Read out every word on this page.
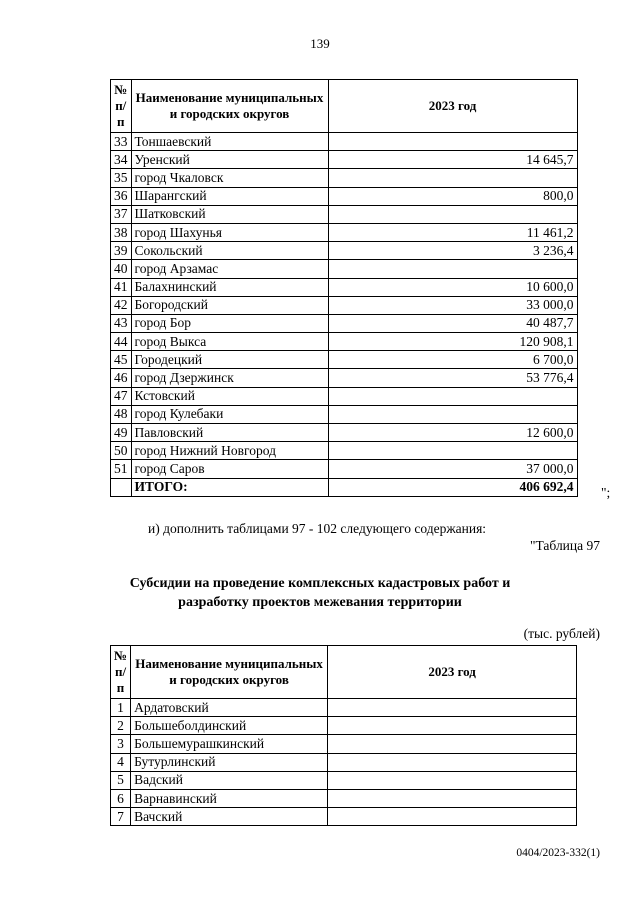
139
№ п/п	Наименование муниципальных и городских округов	2023 год
33	Тоншаевский	
34	Уренский	14 645,7
35	город Чкаловск	
36	Шарангский	800,0
37	Шатковский	
38	город Шахунья	11 461,2
39	Сокольский	3 236,4
40	город Арзамас	
41	Балахнинский	10 600,0
42	Богородский	33 000,0
43	город Бор	40 487,7
44	город Выкса	120 908,1
45	Городецкий	6 700,0
46	город Дзержинск	53 776,4
47	Кстовский	
48	город Кулебаки	
49	Павловский	12 600,0
50	город Нижний Новгород	
51	город Саров	37 000,0
	ИТОГО:	406 692,4 ";
и) дополнить таблицами 97 - 102 следующего содержания:
"Таблица 97
Субсидии на проведение комплексных кадастровых работ и
разработку проектов межевания территории
(тыс. рублей)
№ п/п	Наименование муниципальных и городских округов	2023 год
1	Ардатовский	
2	Большеболдинский	
3	Большемурашкинский	
4	Бутурлинский	
5	Вадский	
6	Варнавинский	
7	Вачский	
0404/2023-332(1)
